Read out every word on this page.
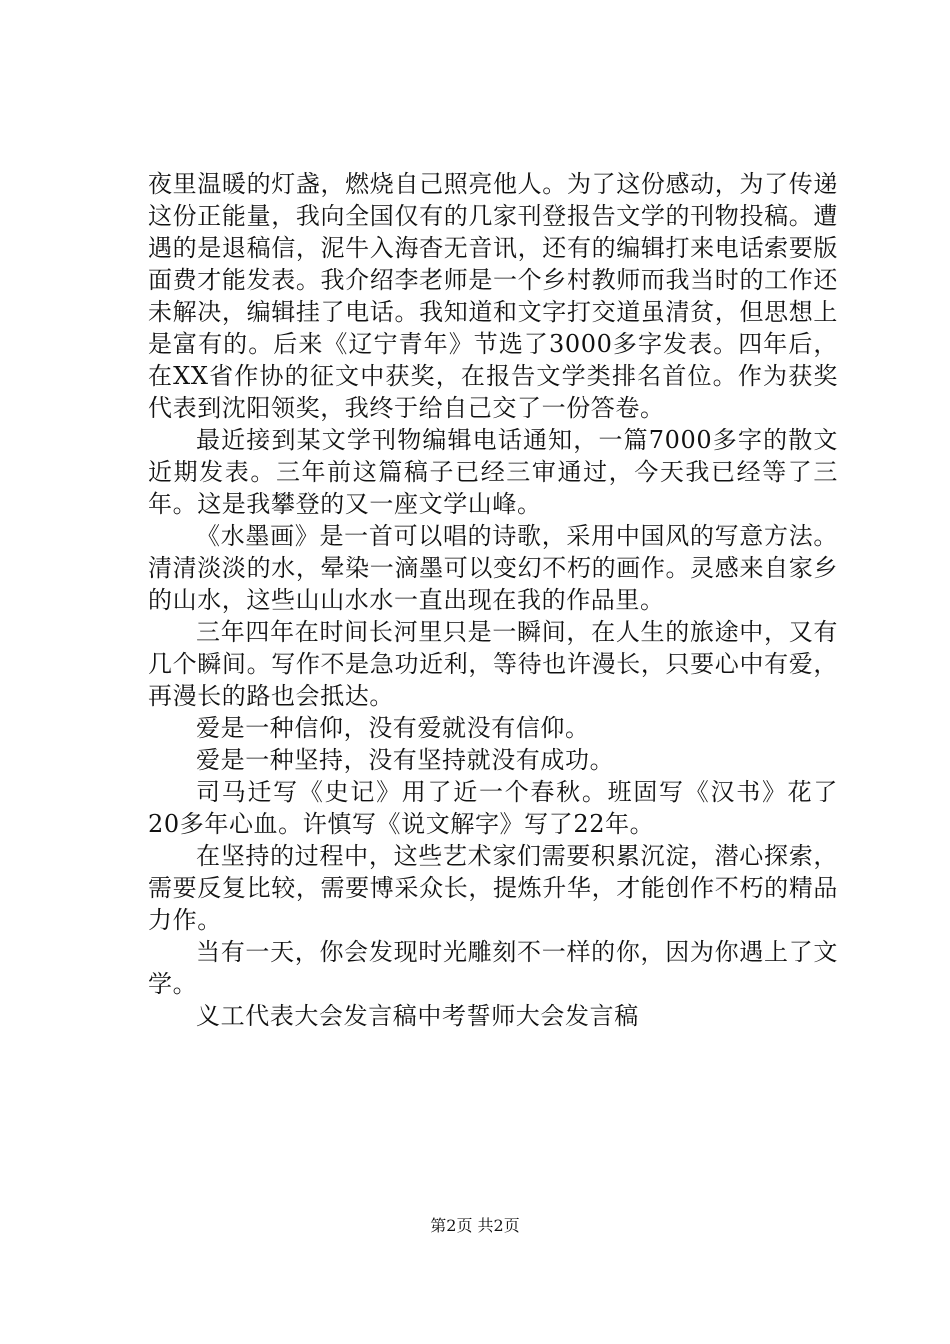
夜里温暖的灯盏，燃烧自己照亮他人。为了这份感动，为了传递这份正能量，我向全国仅有的几家刊登报告文学的刊物投稿。遭遇的是退稿信，泥牛入海杳无音讯，还有的编辑打来电话索要版面费才能发表。我介绍李老师是一个乡村教师而我当时的工作还未解决，编辑挂了电话。我知道和文字打交道虽清贫，但思想上是富有的。后来《辽宁青年》节选了3000多字发表。四年后，在XX省作协的征文中获奖，在报告文学类排名首位。作为获奖代表到沈阳领奖，我终于给自己交了一份答卷。

最近接到某文学刊物编辑电话通知，一篇7000多字的散文近期发表。三年前这篇稿子已经三审通过，今天我已经等了三年。这是我攀登的又一座文学山峰。

《水墨画》是一首可以唱的诗歌，采用中国风的写意方法。清清淡淡的水，晕染一滴墨可以变幻不朽的画作。灵感来自家乡的山水，这些山山水水一直出现在我的作品里。

三年四年在时间长河里只是一瞬间，在人生的旅途中，又有几个瞬间。写作不是急功近利，等待也许漫长，只要心中有爱，再漫长的路也会抵达。

爱是一种信仰，没有爱就没有信仰。

爱是一种坚持，没有坚持就没有成功。

司马迁写《史记》用了近一个春秋。班固写《汉书》花了20多年心血。许慎写《说文解字》写了22年。

在坚持的过程中，这些艺术家们需要积累沉淀，潜心探索，需要反复比较，需要博采众长，提炼升华，才能创作不朽的精品力作。

当有一天，你会发现时光雕刻不一样的你，因为你遇上了文学。

义工代表大会发言稿中考誓师大会发言稿

第2页 共2页
